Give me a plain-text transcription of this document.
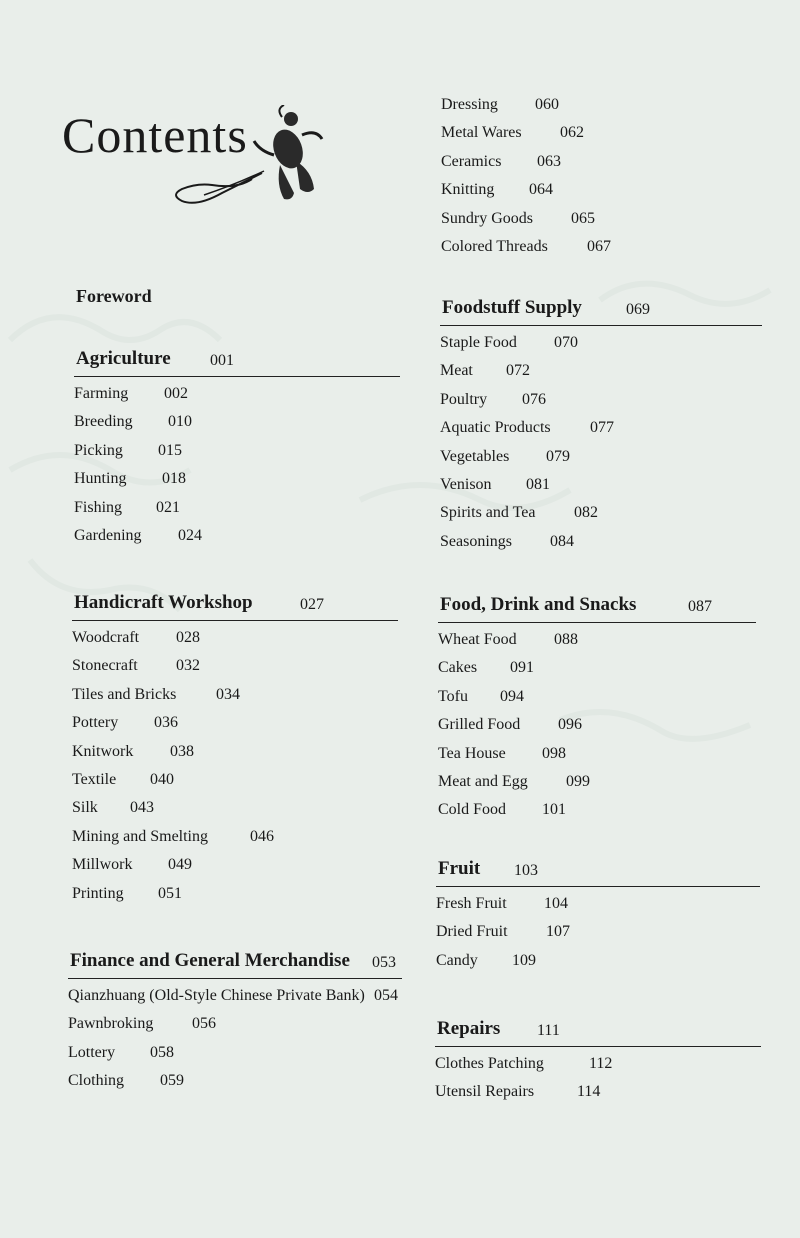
Contents
Foreword
Dressing 060
Metal Wares 062
Ceramics 063
Knitting 064
Sundry Goods 065
Colored Threads 067
Agriculture 001
Farming 002
Breeding 010
Picking 015
Hunting 018
Fishing 021
Gardening 024
Handicraft Workshop	027
Woodcraft 028
Stonecraft 032
Tiles and Bricks 034
Pottery 036
Knitwork 038
Textile 040
Silk 043
Mining and Smelting	046
Millwork 049
Printing 051
Finance and General Merchandise 053
Qianzhuang (Old-Style Chinese Private Bank) 054
Pawnbroking 056
Lottery 058
Clothing 059
Foodstuff Supply	069
Staple Food 070
Meat 072
Poultry 076
Aquatic Products 077
Vegetables 079
Venison 081
Spirits and Tea 082
Seasonings 084
Food, Drink and Snacks	087
Wheat Food 088
Cakes 091
Tofu 094
Grilled Food 096
Tea House 098
Meat and Egg 099
Cold Food 101
Fruit 103
Fresh Fruit 104
Dried Fruit 107
Candy 109
Repairs 111
Clothes Patching	112
Utensil Repairs	114
